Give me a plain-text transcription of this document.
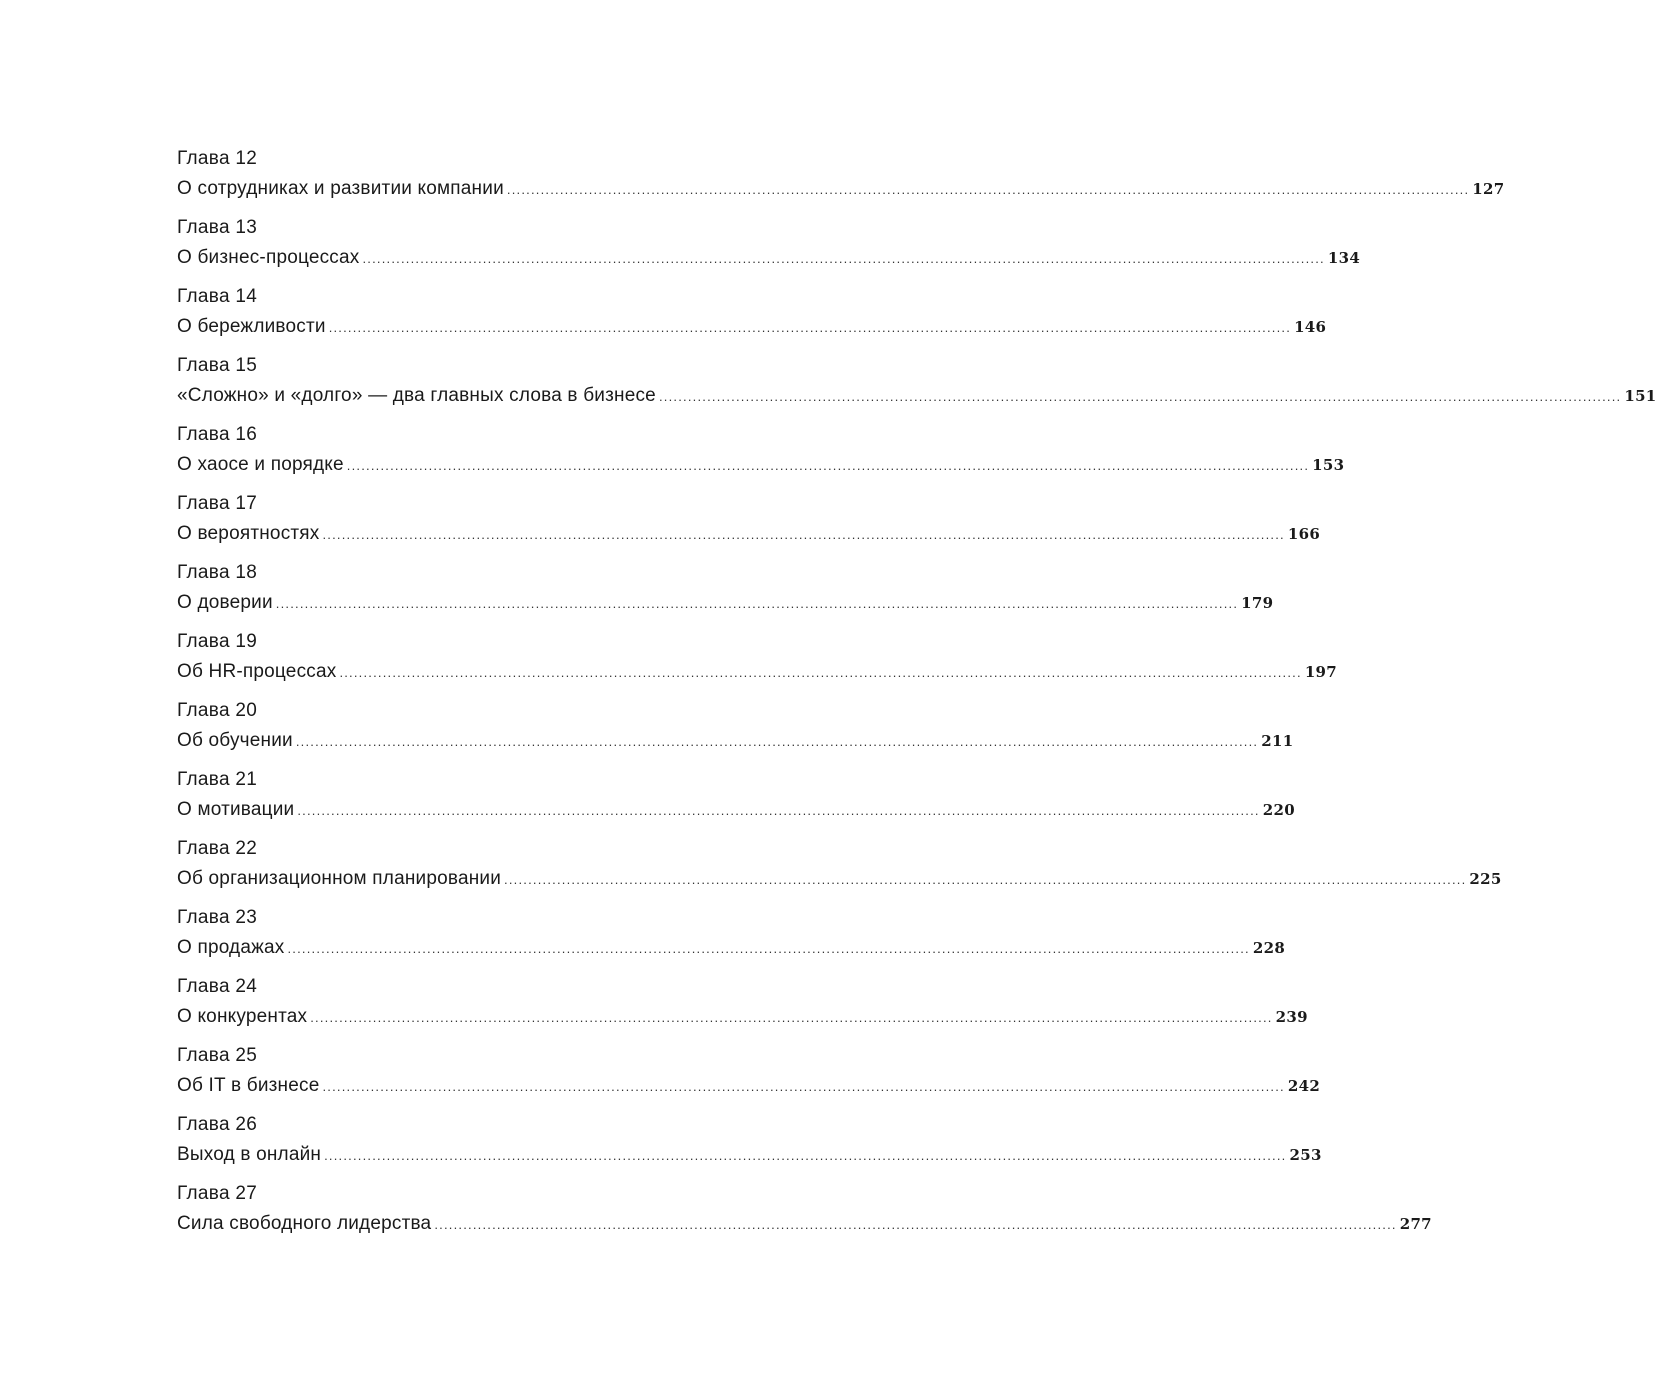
Глава 12
О сотрудниках и развитии компании ........................................................................................................................................................................................................ 127
Глава 13
О бизнес-процессах ........................................................................................................................................................................................................ 134
Глава 14
О бережливости ........................................................................................................................................................................................................ 146
Глава 15
«Сложно» и «долго» — два главных слова в бизнесе ........................................................................................................................................................................................................ 151
Глава 16
О хаосе и порядке ........................................................................................................................................................................................................ 153
Глава 17
О вероятностях ........................................................................................................................................................................................................ 166
Глава 18
О доверии ........................................................................................................................................................................................................ 179
Глава 19
Об HR-процессах ........................................................................................................................................................................................................ 197
Глава 20
Об обучении ........................................................................................................................................................................................................ 211
Глава 21
О мотивации ........................................................................................................................................................................................................ 220
Глава 22
Об организационном планировании ........................................................................................................................................................................................................ 225
Глава 23
О продажах ........................................................................................................................................................................................................ 228
Глава 24
О конкурентах ........................................................................................................................................................................................................ 239
Глава 25
Об IT в бизнесе ........................................................................................................................................................................................................ 242
Глава 26
Выход в онлайн ........................................................................................................................................................................................................ 253
Глава 27
Сила свободного лидерства ........................................................................................................................................................................................................ 277
